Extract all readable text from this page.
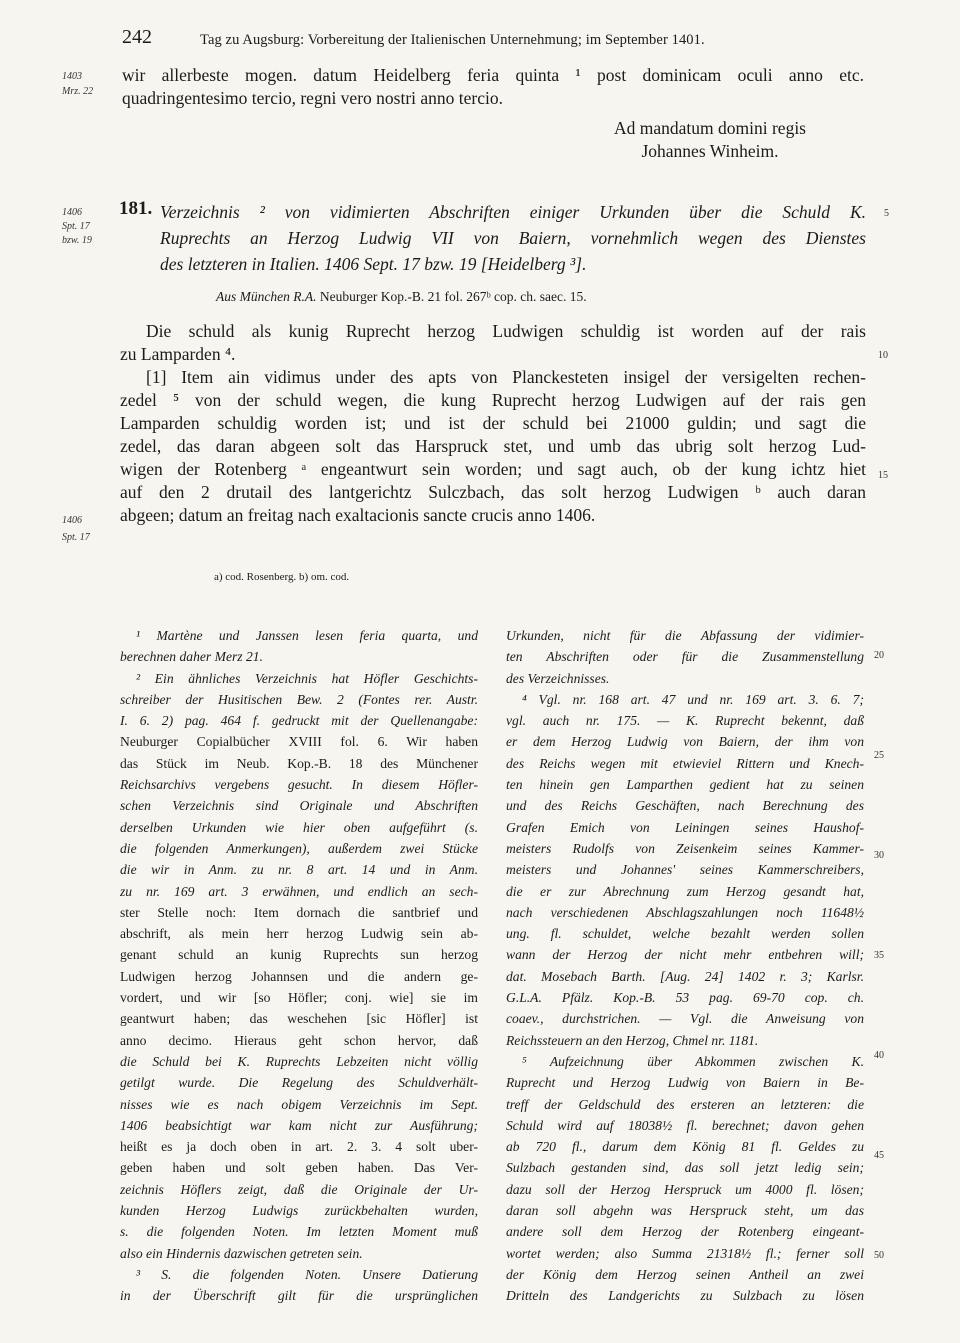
242	Tag zu Augsburg: Vorbereitung der Italienischen Unternehmung; im September 1401.
1403
Mrz. 22
wir allerbeste mogen. datum Heidelberg feria quinta ¹ post dominicam oculi anno etc.
quadringentesimo tercio, regni vero nostri anno tercio.
Ad mandatum domini regis
Johannes Winheim.
1406
Spt. 17
bzw. 19
181. Verzeichnis ² von vidimierten Abschriften einiger Urkunden über die Schuld K.
Ruprechts an Herzog Ludwig VII von Baiern, vornehmlich wegen des Dienstes
des letzteren in Italien. 1406 Sept. 17 bzw. 19 [Heidelberg ³].
5
Aus München R.A. Neuburger Kop.-B. 21 fol. 267ᵇ cop. ch. saec. 15.
Die schuld als kunig Ruprecht herzog Ludwigen schuldig ist worden auf der rais
zu Lamparden ⁴.
[1] Item ain vidimus under des apts von Planckesteten insigel der versigelten rechen-
zedel ⁵ von der schuld wegen, die kung Ruprecht herzog Ludwigen auf der rais gen
Lamparden schuldig worden ist; und ist der schuld bei 21000 guldin; und sagt die
zedel, das daran abgeen solt das Harspruck stet, und umb das ubrig solt herzog Lud-
wigen der Rotenberg ᵃ engeantwurt sein worden; und sagt auch, ob der kung ichtz hiet
auf den 2 drutail des lantgerichtz Sulczbach, das solt herzog Ludwigen ᵇ auch daran
abgeen; datum an freitag nach exaltacionis sancte crucis anno 1406.
10
15
1406
Spt. 17
a) cod. Rosenberg. b) om. cod.
¹ Martène und Janssen lesen feria quarta, und
berechnen daher Merz 21.
² Ein ähnliches Verzeichnis hat Höfler Geschichts-
schreiber der Husitischen Bew. 2 (Fontes rer. Austr.
I. 6. 2) pag. 464 f. gedruckt mit der Quellenangabe:
Neuburger Copialbücher XVIII fol. 6. Wir haben
das Stück im Neub. Kop.-B. 18 des Münchener
Reichsarchivs vergebens gesucht. In diesem Höfler-
schen Verzeichnis sind Originale und Abschriften
derselben Urkunden wie hier oben aufgeführt (s.
die folgenden Anmerkungen), außerdem zwei Stücke
die wir in Anm. zu nr. 8 art. 14 und in Anm.
zu nr. 169 art. 3 erwähnen, und endlich an sech-
ster Stelle noch: Item dornach die santbrief und
abschrift, als mein herr herzog Ludwig sein ab-
genant schuld an kunig Ruprechts sun herzog
Ludwigen herzog Johannsen und die andern ge-
vordert, und wir [so Höfler; conj. wie] sie im
geantwurt haben; das weschehen [sic Höfler] ist
anno decimo. Hieraus geht schon hervor, daß
die Schuld bei K. Ruprechts Lebzeiten nicht völlig
getilgt wurde. Die Regelung des Schuldverhält-
nisses wie es nach obigem Verzeichnis im Sept.
1406 beabsichtigt war kam nicht zur Ausführung;
heißt es ja doch oben in art. 2. 3. 4 solt uber-
geben haben und solt geben haben. Das Ver-
zeichnis Höflers zeigt, daß die Originale der Ur-
kunden Herzog Ludwigs zurückbehalten wurden,
s. die folgenden Noten. Im letzten Moment muß
also ein Hindernis dazwischen getreten sein.
³ S. die folgenden Noten. Unsere Datierung
in der Überschrift gilt für die ursprünglichen
Urkunden, nicht für die Abfassung der vidimier-
ten Abschriften oder für die Zusammenstellung
des Verzeichnisses.
⁴ Vgl. nr. 168 art. 47 und nr. 169 art. 3. 6. 7;
vgl. auch nr. 175. — K. Ruprecht bekennt, daß
er dem Herzog Ludwig von Baiern, der ihm von
des Reichs wegen mit etwieviel Rittern und Knech-
ten hinein gen Lamparthen gedient hat zu seinen
und des Reichs Geschäften, nach Berechnung des
Grafen Emich von Leiningen seines Haushof-
meisters Rudolfs von Zeisenkeim seines Kammer-
meisters und Johannes' seines Kammerschreibers,
die er zur Abrechnung zum Herzog gesandt hat,
nach verschiedenen Abschlagszahlungen noch 11648½
ung. fl. schuldet, welche bezahlt werden sollen
wann der Herzog der nicht mehr entbehren will;
dat. Mosebach Barth. [Aug. 24] 1402 r. 3; Karlsr.
G.L.A. Pfälz. Kop.-B. 53 pag. 69-70 cop. ch.
coaev., durchstrichen. — Vgl. die Anweisung von
Reichssteuern an den Herzog, Chmel nr. 1181.
⁵ Aufzeichnung über Abkommen zwischen K.
Ruprecht und Herzog Ludwig von Baiern in Be-
treff der Geldschuld des ersteren an letzteren: die
Schuld wird auf 18038½ fl. berechnet; davon gehen
ab 720 fl., darum dem König 81 fl. Geldes zu
Sulzbach gestanden sind, das soll jetzt ledig sein;
dazu soll der Herzog Herspruck um 4000 fl. lösen;
daran soll abgehn was Herspruck steht, um das
andere soll dem Herzog der Rotenberg eingeant-
wortet werden; also Summa 21318½ fl.; ferner soll
der König dem Herzog seinen Antheil an zwei
Dritteln des Landgerichts zu Sulzbach zu lösen
20
25
30
35
40
45
50
